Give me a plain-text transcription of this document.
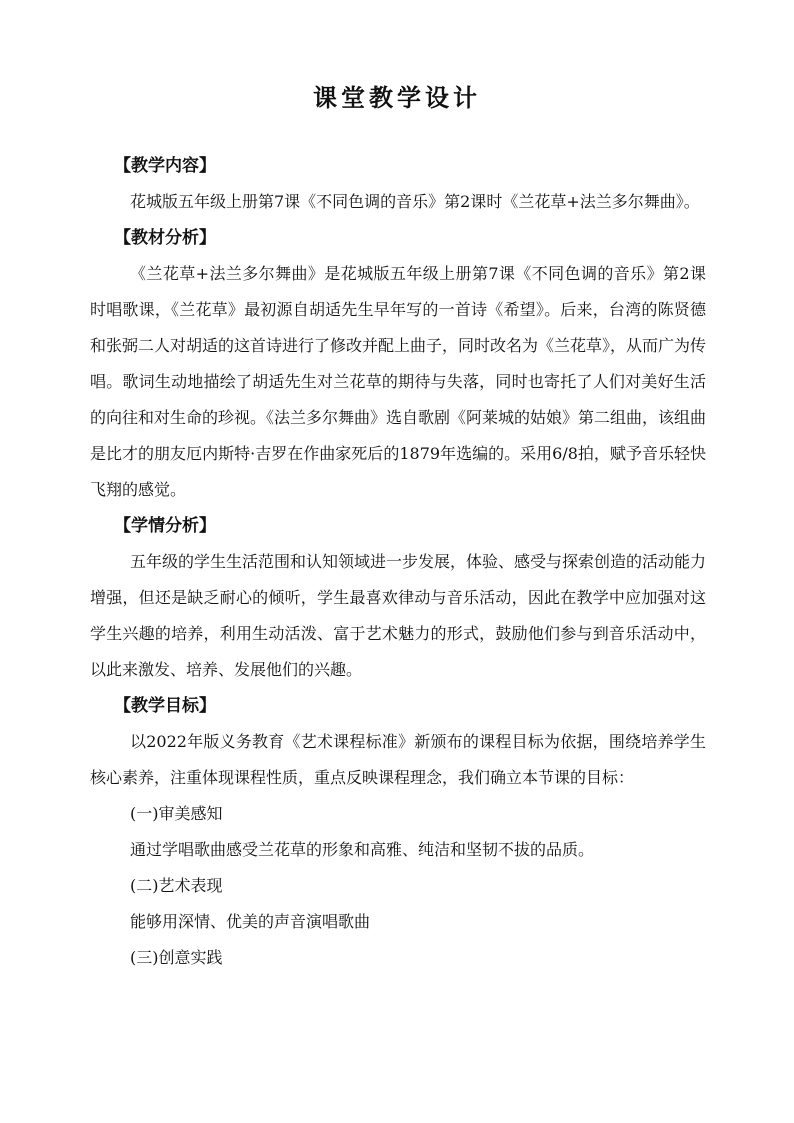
课堂教学设计
【教学内容】

花城版五年级上册第7课《不同色调的音乐》第2课时《兰花草+法兰多尔舞曲》。

【教材分析】

《兰花草+法兰多尔舞曲》是花城版五年级上册第7课《不同色调的音乐》第2课时唱歌课，《兰花草》最初源自胡适先生早年写的一首诗《希望》。后来，台湾的陈贤德和张弼二人对胡适的这首诗进行了修改并配上曲子，同时改名为《兰花草》，从而广为传唱。歌词生动地描绘了胡适先生对兰花草的期待与失落，同时也寄托了人们对美好生活的向往和对生命的珍视。《法兰多尔舞曲》选自歌剧《阿莱城的姑娘》第二组曲，该组曲是比才的朋友厄内斯特·吉罗在作曲家死后的1879年选编的。采用6/8拍，赋予音乐轻快飞翔的感觉。

【学情分析】

五年级的学生生活范围和认知领域进一步发展，体验、感受与探索创造的活动能力增强，但还是缺乏耐心的倾听，学生最喜欢律动与音乐活动，因此在教学中应加强对这学生兴趣的培养，利用生动活泼、富于艺术魅力的形式，鼓励他们参与到音乐活动中，以此来激发、培养、发展他们的兴趣。

【教学目标】

以2022年版义务教育《艺术课程标准》新颁布的课程目标为依据，围绕培养学生核心素养，注重体现课程性质，重点反映课程理念，我们确立本节课的目标：

(一)审美感知
通过学唱歌曲感受兰花草的形象和高雅、纯洁和坚韧不拔的品质。
(二)艺术表现
能够用深情、优美的声音演唱歌曲
(三)创意实践
